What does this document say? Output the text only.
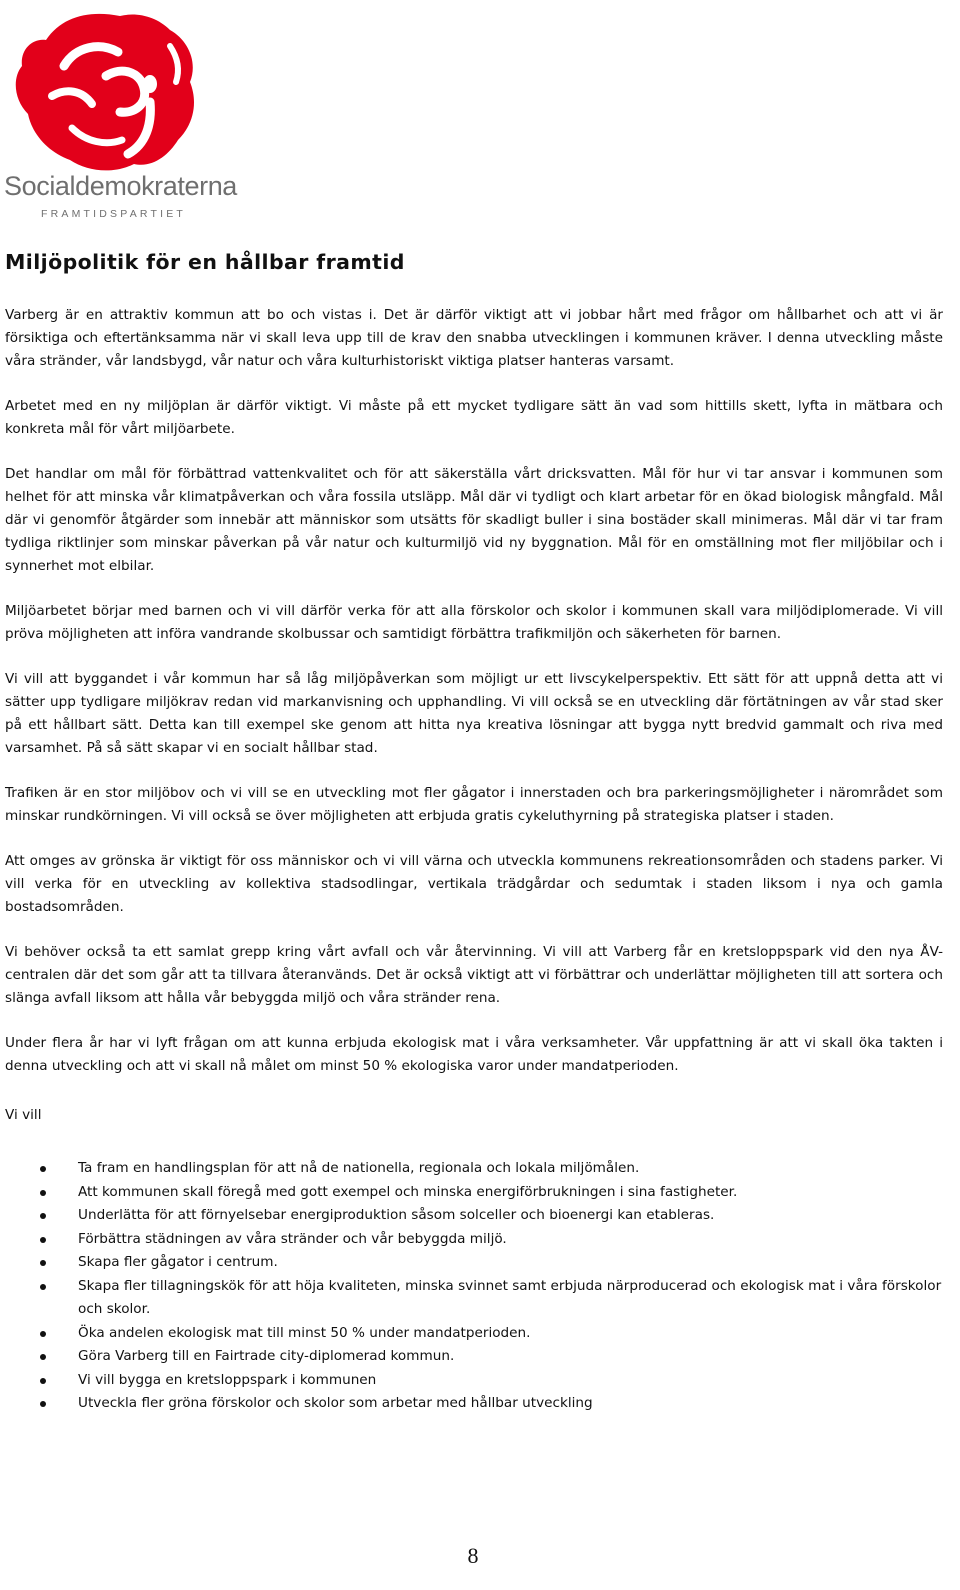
Socialdemokraterna
FRAMTIDSPARTIET
Miljöpolitik för en hållbar framtid

Varberg är en attraktiv kommun att bo och vistas i. Det är därför viktigt att vi jobbar hårt med frågor om hållbarhet och att vi är försiktiga och eftertänksamma när vi skall leva upp till de krav den snabba utvecklingen i kommunen kräver. I denna utveckling måste våra stränder, vår landsbygd, vår natur och våra kulturhistoriskt viktiga platser hanteras varsamt.

Arbetet med en ny miljöplan är därför viktigt. Vi måste på ett mycket tydligare sätt än vad som hittills skett, lyfta in mätbara och konkreta mål för vårt miljöarbete.

Det handlar om mål för förbättrad vattenkvalitet och för att säkerställa vårt dricksvatten. Mål för hur vi tar ansvar i kommunen som helhet för att minska vår klimatpåverkan och våra fossila utsläpp. Mål där vi tydligt och klart arbetar för en ökad biologisk mångfald. Mål där vi genomför åtgärder som innebär att människor som utsätts för skadligt buller i sina bostäder skall minimeras. Mål där vi tar fram tydliga riktlinjer som minskar påverkan på vår natur och kulturmiljö vid ny byggnation. Mål för en omställning mot fler miljöbilar och i synnerhet mot elbilar.

Miljöarbetet börjar med barnen och vi vill därför verka för att alla förskolor och skolor i kommunen skall vara miljödiplomerade. Vi vill pröva möjligheten att införa vandrande skolbussar och samtidigt förbättra trafikmiljön och säkerheten för barnen.

Vi vill att byggandet i vår kommun har så låg miljöpåverkan som möjligt ur ett livscykelperspektiv. Ett sätt för att uppnå detta att vi sätter upp tydligare miljökrav redan vid markanvisning och upphandling. Vi vill också se en utveckling där förtätningen av vår stad sker på ett hållbart sätt. Detta kan till exempel ske genom att hitta nya kreativa lösningar att bygga nytt bredvid gammalt och riva med varsamhet. På så sätt skapar vi en socialt hållbar stad.

Trafiken är en stor miljöbov och vi vill se en utveckling mot fler gågator i innerstaden och bra parkeringsmöjligheter i närområdet som minskar rundkörningen. Vi vill också se över möjligheten att erbjuda gratis cykeluthyrning på strategiska platser i staden.

Att omges av grönska är viktigt för oss människor och vi vill värna och utveckla kommunens rekreationsområden och stadens parker. Vi vill verka för en utveckling av kollektiva stadsodlingar, vertikala trädgårdar och sedumtak i staden liksom i nya och gamla bostadsområden.

Vi behöver också ta ett samlat grepp kring vårt avfall och vår återvinning. Vi vill att Varberg får en kretsloppspark vid den nya ÅV-centralen där det som går att ta tillvara återanvänds. Det är också viktigt att vi förbättrar och underlättar möjligheten till att sortera och slänga avfall liksom att hålla vår bebyggda miljö och våra stränder rena.

Under flera år har vi lyft frågan om att kunna erbjuda ekologisk mat i våra verksamheter. Vår uppfattning är att vi skall öka takten i denna utveckling och att vi skall nå målet om minst 50 % ekologiska varor under mandatperioden.

Vi vill

Ta fram en handlingsplan för att nå de nationella, regionala och lokala miljömålen.
Att kommunen skall föregå med gott exempel och minska energiförbrukningen i sina fastigheter.
Underlätta för att förnyelsebar energiproduktion såsom solceller och bioenergi kan etableras.
Förbättra städningen av våra stränder och vår bebyggda miljö.
Skapa fler gågator i centrum.
Skapa fler tillagningskök för att höja kvaliteten, minska svinnet samt erbjuda närproducerad och ekologisk mat i våra förskolor och skolor.
Öka andelen ekologisk mat till minst 50 % under mandatperioden.
Göra Varberg till en Fairtrade city-diplomerad kommun.
Vi vill bygga en kretsloppspark i kommunen
Utveckla fler gröna förskolor och skolor som arbetar med hållbar utveckling
8
